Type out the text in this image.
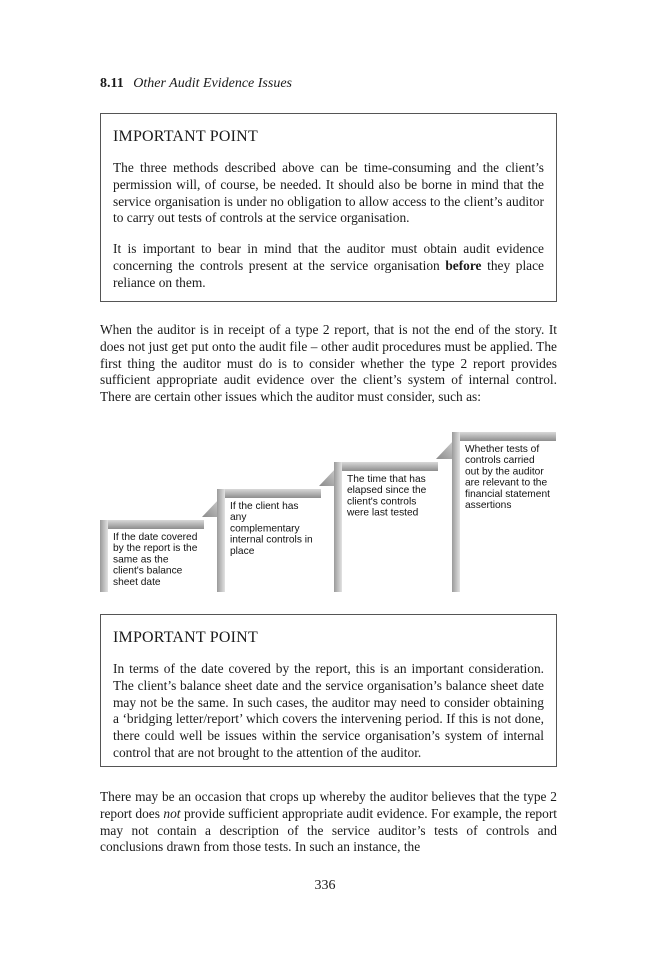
8.11 Other Audit Evidence Issues
IMPORTANT POINT

The three methods described above can be time-consuming and the client’s permission will, of course, be needed. It should also be borne in mind that the service organisation is under no obligation to allow access to the client’s auditor to carry out tests of controls at the service organisation.

It is important to bear in mind that the auditor must obtain audit evidence concerning the controls present at the service organisation before they place reliance on them.

When the auditor is in receipt of a type 2 report, that is not the end of the story. It does not just get put onto the audit file – other audit procedures must be applied. The first thing the auditor must do is to consider whether the type 2 report provides sufficient appropriate audit evidence over the client’s system of internal control. There are certain other issues which the auditor must consider, such as:

If the date covered
by the report is the
same as the
client's balance
sheet date
If the client has
any
complementary
internal controls in
place
The time that has
elapsed since the
client's controls
were last tested
Whether tests of
controls carried
out by the auditor
are relevant to the
financial statement
assertions
IMPORTANT POINT

In terms of the date covered by the report, this is an important consideration. The client’s balance sheet date and the service organisation’s balance sheet date may not be the same. In such cases, the auditor may need to consider obtaining a ‘bridging letter/report’ which covers the intervening period. If this is not done, there could well be issues within the service organisation’s system of internal control that are not brought to the attention of the auditor.

There may be an occasion that crops up whereby the auditor believes that the type 2 report does not provide sufficient appropriate audit evidence. For example, the report may not contain a description of the service auditor’s tests of controls and conclusions drawn from those tests. In such an instance, the

336
